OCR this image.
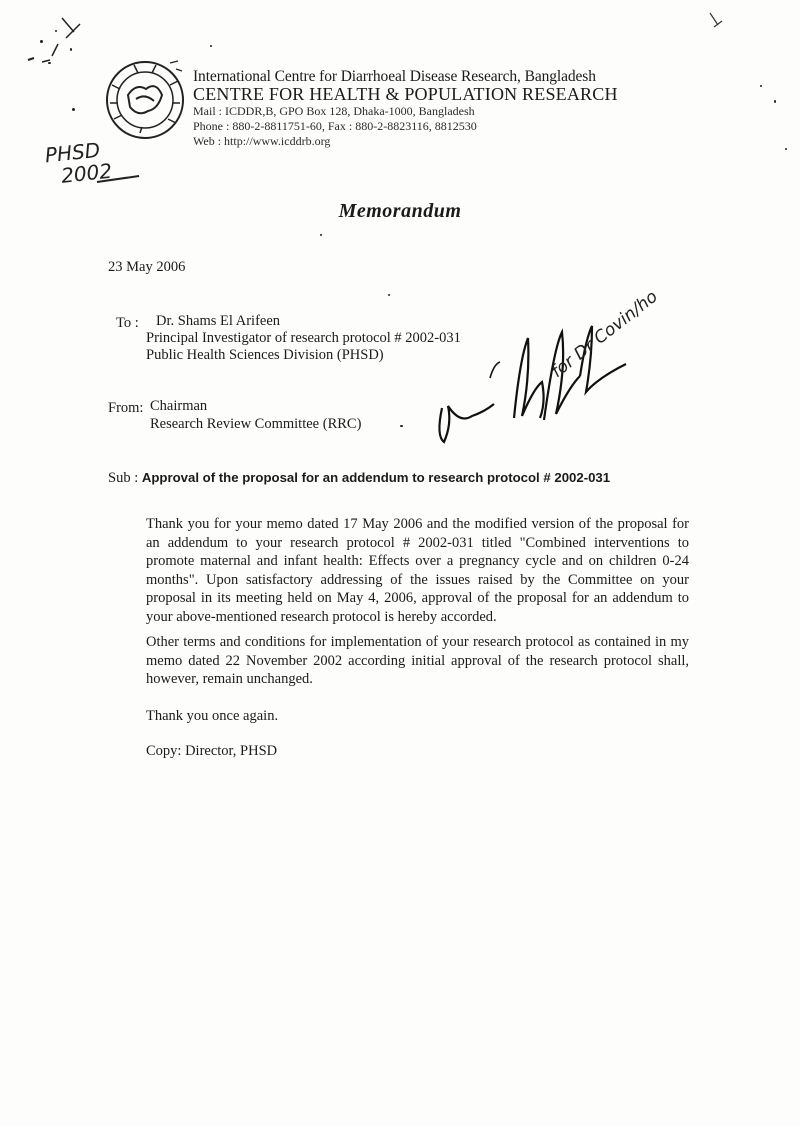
PHSD
2002
International Centre for Diarrhoeal Disease Research, Bangladesh
CENTRE FOR HEALTH & POPULATION RESEARCH
Mail : ICDDR,B, GPO Box 128, Dhaka-1000, Bangladesh
Phone : 880-2-8811751-60, Fax : 880-2-8823116, 8812530
Web : http://www.icddrb.org
Memorandum
23 May 2006
To : Dr. Shams El Arifeen
Principal Investigator of research protocol # 2002-031
Public Health Sciences Division (PHSD)
From: Chairman
Research Review Committee (RRC)
for Dr Covin/ho
Sub : Approval of the proposal for an addendum to research protocol # 2002-031

Thank you for your memo dated 17 May 2006 and the modified version of the proposal for an addendum to your research protocol # 2002-031 titled "Combined interventions to promote maternal and infant health: Effects over a pregnancy cycle and on children 0-24 months". Upon satisfactory addressing of the issues raised by the Committee on your proposal in its meeting held on May 4, 2006, approval of the proposal for an addendum to your above-mentioned research protocol is hereby accorded.

Other terms and conditions for implementation of your research protocol as contained in my memo dated 22 November 2002 according initial approval of the research protocol shall, however, remain unchanged.

Thank you once again.
Copy: Director, PHSD
